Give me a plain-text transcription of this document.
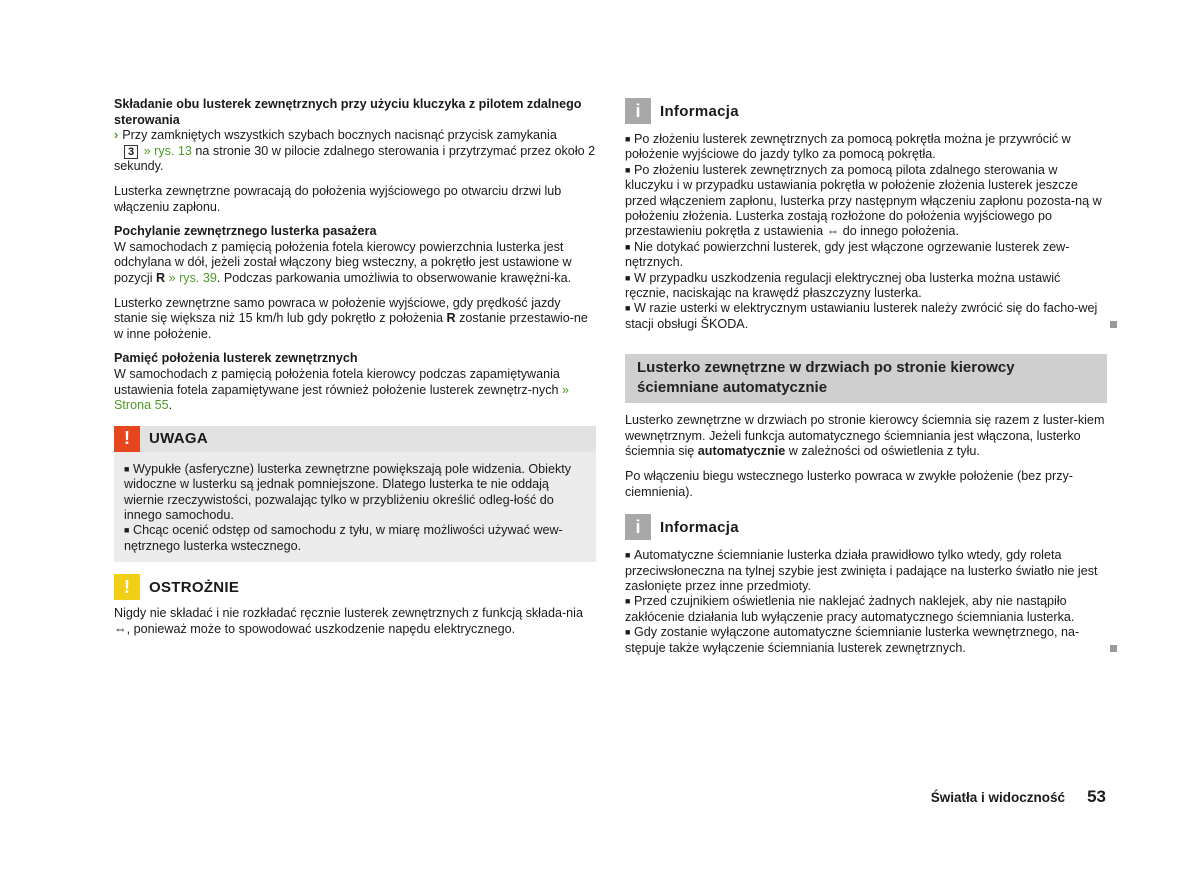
Składanie obu lusterek zewnętrznych przy użyciu kluczyka z pilotem zdalnego sterowania

› Przy zamkniętych wszystkich szybach bocznych nacisnąć przycisk zamykania
3 » rys. 13 na stronie 30 w pilocie zdalnego sterowania i przytrzymać przez około 2 sekundy.

Lusterka zewnętrzne powracają do położenia wyjściowego po otwarciu drzwi lub włączeniu zapłonu.

Pochylanie zewnętrznego lusterka pasażera

W samochodach z pamięcią położenia fotela kierowcy powierzchnia lusterka jest odchylana w dół, jeżeli został włączony bieg wsteczny, a pokrętło jest ustawione w pozycji R » rys. 39. Podczas parkowania umożliwia to obserwowanie krawężni-ka.

Lusterko zewnętrzne samo powraca w położenie wyjściowe, gdy prędkość jazdy stanie się większa niż 15 km/h lub gdy pokrętło z położenia R zostanie przestawio-ne w inne położenie.

Pamięć położenia lusterek zewnętrznych

W samochodach z pamięcią położenia fotela kierowcy podczas zapamiętywania ustawienia fotela zapamiętywane jest również położenie lusterek zewnętrz-nych » Strona 55.

!	UWAGA

■ Wypukłe (asferyczne) lusterka zewnętrzne powiększają pole widzenia. Obiekty widoczne w lusterku są jednak pomniejszone. Dlatego lusterka te nie oddają wiernie rzeczywistości, pozwalając tylko w przybliżeniu określić odleg-łość do innego samochodu.

■ Chcąc ocenić odstęp od samochodu z tyłu, w miarę możliwości używać wew-nętrznego lusterka wstecznego.

!	OSTROŻNIE

Nigdy nie składać i nie rozkładać ręcznie lusterek zewnętrznych z funkcją składa-nia ⇔, ponieważ może to spowodować uszkodzenie napędu elektrycznego.

i	Informacja

■ Po złożeniu lusterek zewnętrznych za pomocą pokrętła można je przywrócić w położenie wyjściowe do jazdy tylko za pomocą pokrętła.

■ Po złożeniu lusterek zewnętrznych za pomocą pilota zdalnego sterowania w kluczyku i w przypadku ustawiania pokrętła w położenie złożenia lusterek jeszcze przed włączeniem zapłonu, lusterka przy następnym włączeniu zapłonu pozosta-ną w położeniu złożenia. Lusterka zostają rozłożone do położenia wyjściowego po przestawieniu pokrętła z ustawienia ⇔ do innego położenia.

■ Nie dotykać powierzchni lusterek, gdy jest włączone ogrzewanie lusterek zew-nętrznych.

■ W przypadku uszkodzenia regulacji elektrycznej oba lusterka można ustawić ręcznie, naciskając na krawędź płaszczyzny lusterka.

■ W razie usterki w elektrycznym ustawianiu lusterek należy zwrócić się do facho-wej stacji obsługi ŠKODA.

Lusterko zewnętrzne w drzwiach po stronie kierowcy ściemniane automatycznie

Lusterko zewnętrzne w drzwiach po stronie kierowcy ściemnia się razem z luster-kiem wewnętrznym. Jeżeli funkcja automatycznego ściemniania jest włączona, lusterko ściemnia się automatycznie w zależności od oświetlenia z tyłu.

Po włączeniu biegu wstecznego lusterko powraca w zwykłe położenie (bez przy-ciemnienia).

i	Informacja

■ Automatyczne ściemnianie lusterka działa prawidłowo tylko wtedy, gdy roleta przeciwsłoneczna na tylnej szybie jest zwinięta i padające na lusterko światło nie jest zasłonięte przez inne przedmioty.

■ Przed czujnikiem oświetlenia nie naklejać żadnych naklejek, aby nie nastąpiło zakłócenie działania lub wyłączenie pracy automatycznego ściemniania lusterka.

■ Gdy zostanie wyłączone automatyczne ściemnianie lusterka wewnętrznego, na-stępuje także wyłączenie ściemniania lusterek zewnętrznych.

Światła i widoczność 53
